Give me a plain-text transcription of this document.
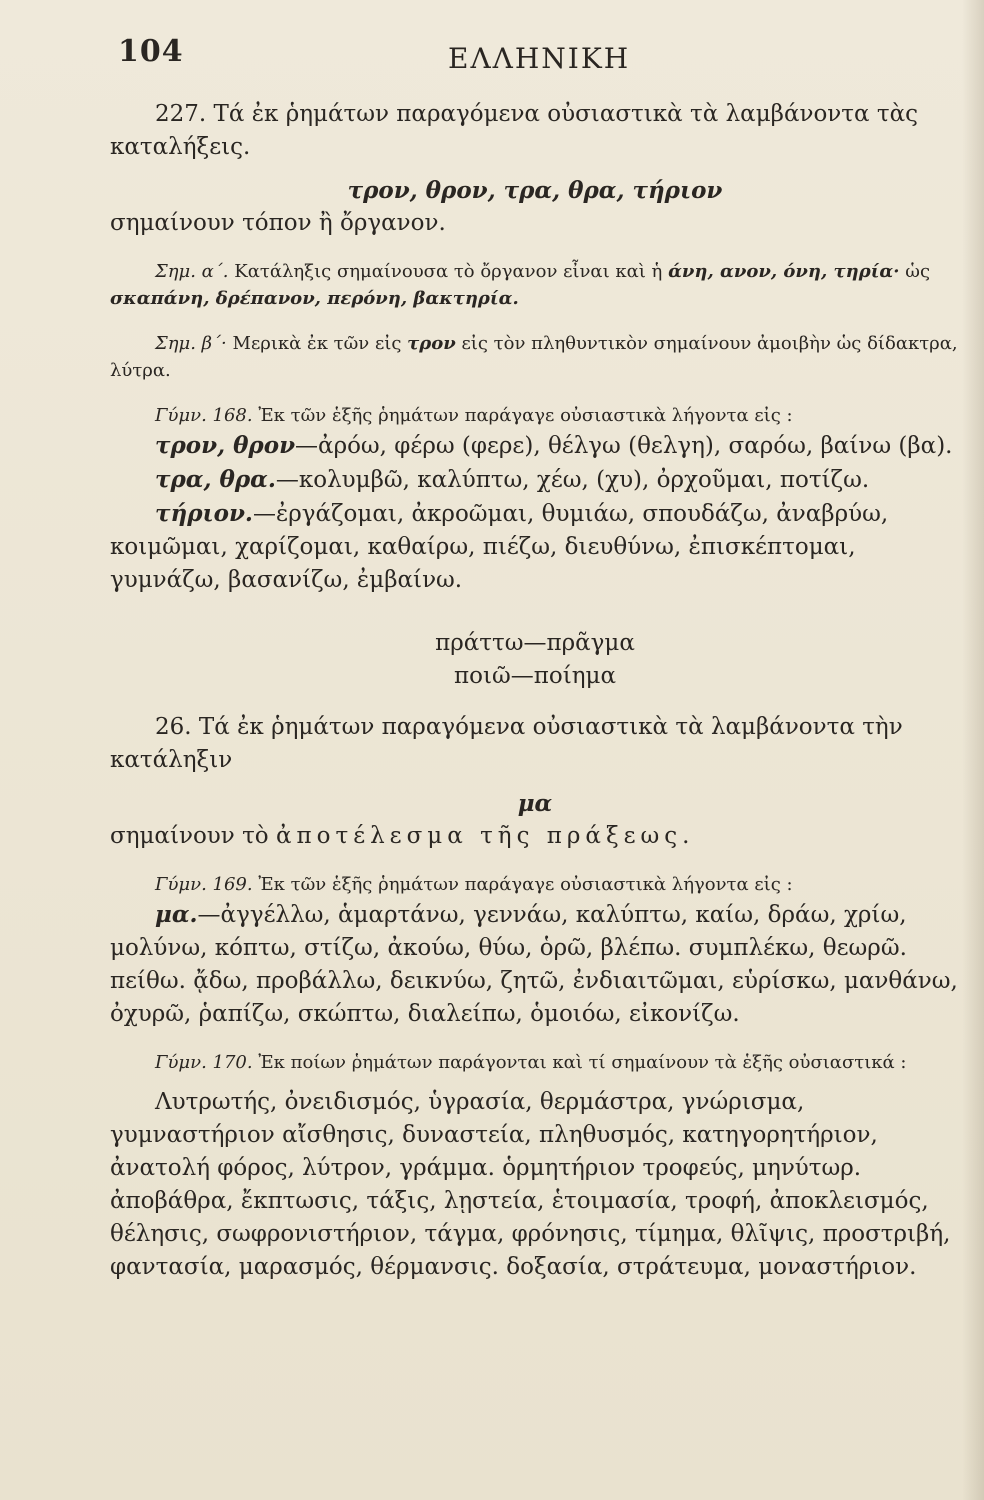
104	ΕΛΛΗΝΙΚΗ

227. Τά ἐκ ῥημάτων παραγόμενα οὐσιαστικὰ τὰ λαμβάνοντα τὰς καταλήξεις.

τρον, θρον, τρα, θρα, τήριον

σημαίνουν τόπον ἢ ὄργανον.

Σημ. α΄. Κατάληξις σημαίνουσα τὸ ὄργανον εἶναι καὶ ἡ άνη, ανον, όνη, τηρία· ὡς σκαπάνη, δρέπανον, περόνη, βακτηρία.

Σημ. β΄· Μερικὰ ἐκ τῶν εἰς τρον εἰς τὸν πληθυντικὸν σημαίνουν ἀμοιβὴν ὡς δίδακτρα, λύτρα.

Γύμν. 168. Ἐκ τῶν ἑξῆς ῥημάτων παράγαγε οὐσιαστικὰ λήγοντα εἰς :

τρον, θρον—ἀρόω, φέρω (φερε), θέλγω (θελγη), σαρόω, βαίνω (βα).

τρα, θρα.—κολυμβῶ, καλύπτω, χέω, (χυ), ὀρχοῦμαι, ποτίζω.

τήριον.—ἐργάζομαι, ἀκροῶμαι, θυμιάω, σπουδάζω, ἀναβρύω, κοιμῶμαι, χαρίζομαι, καθαίρω, πιέζω, διευθύνω, ἐπισκέπτομαι, γυμνάζω, βασανίζω, ἐμβαίνω.

πράττω—πρᾶγμα

ποιῶ—ποίημα

26. Τά ἐκ ῥημάτων παραγόμενα οὐσιαστικὰ τὰ λαμβάνοντα τὴν κατάληξιν

μα

σημαίνουν τὸ ἀποτέλεσμα τῆς πράξεως.

Γύμν. 169. Ἐκ τῶν ἑξῆς ῥημάτων παράγαγε οὐσιαστικὰ λήγοντα εἰς :

μα.—ἀγγέλλω, ἁμαρτάνω, γεννάω, καλύπτω, καίω, δράω, χρίω, μολύνω, κόπτω, στίζω, ἀκούω, θύω, ὁρῶ, βλέπω. συμπλέκω, θεωρῶ. πείθω. ᾄδω, προβάλλω, δεικνύω, ζητῶ, ἐνδιαιτῶμαι, εὑρίσκω, μανθάνω, ὀχυρῶ, ῥαπίζω, σκώπτω, διαλείπω, ὁμοιόω, εἰκονίζω.

Γύμν. 170. Ἐκ ποίων ῥημάτων παράγονται καὶ τί σημαίνουν τὰ ἑξῆς οὐσιαστικά :

Λυτρωτής, ὀνειδισμός, ὑγρασία, θερμάστρα, γνώρισμα, γυμναστήριον αἴσθησις, δυναστεία, πληθυσμός, κατηγορητήριον, ἀνατολή φόρος, λύτρον, γράμμα. ὁρμητήριον τροφεύς, μηνύτωρ. ἀποβάθρα, ἔκπτωσις, τάξις, λῃστεία, ἑτοιμασία, τροφή, ἀποκλεισμός, θέλησις, σωφρονιστήριον, τάγμα, φρόνησις, τίμημα, θλῖψις, προστριβή, φαντασία, μαρασμός, θέρμανσις. δοξασία, στράτευμα, μοναστήριον.
